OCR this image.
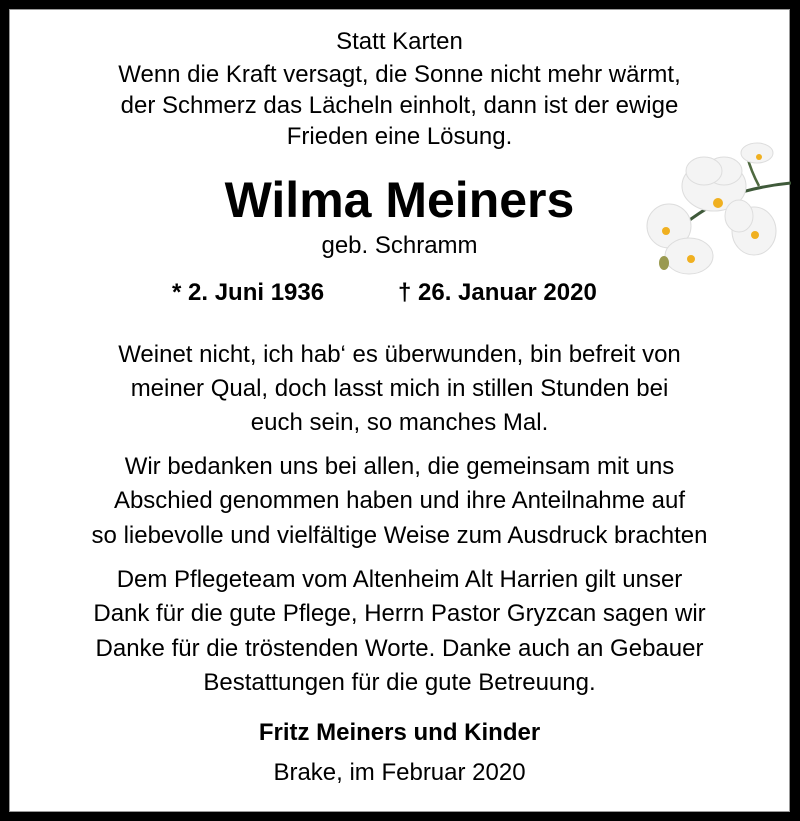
Statt Karten
Wenn die Kraft versagt, die Sonne nicht mehr wärmt,
der Schmerz das Lächeln einholt, dann ist der ewige
Frieden eine Lösung.
Wilma Meiners
geb. Schramm
* 2. Juni 1936	† 26. Januar 2020
Weinet nicht, ich hab‘ es überwunden, bin befreit von
meiner Qual, doch lasst mich in stillen Stunden bei
euch sein, so manches Mal.
Wir bedanken uns bei allen, die gemeinsam mit uns
Abschied genommen haben und ihre Anteilnahme auf
so liebevolle und vielfältige Weise zum Ausdruck brachten
Dem Pflegeteam vom Altenheim Alt Harrien gilt unser
Dank für die gute Pflege, Herrn Pastor Gryzcan sagen wir
Danke für die tröstenden Worte. Danke auch an Gebauer
Bestattungen für die gute Betreuung.
Fritz Meiners und Kinder
Brake, im Februar 2020
